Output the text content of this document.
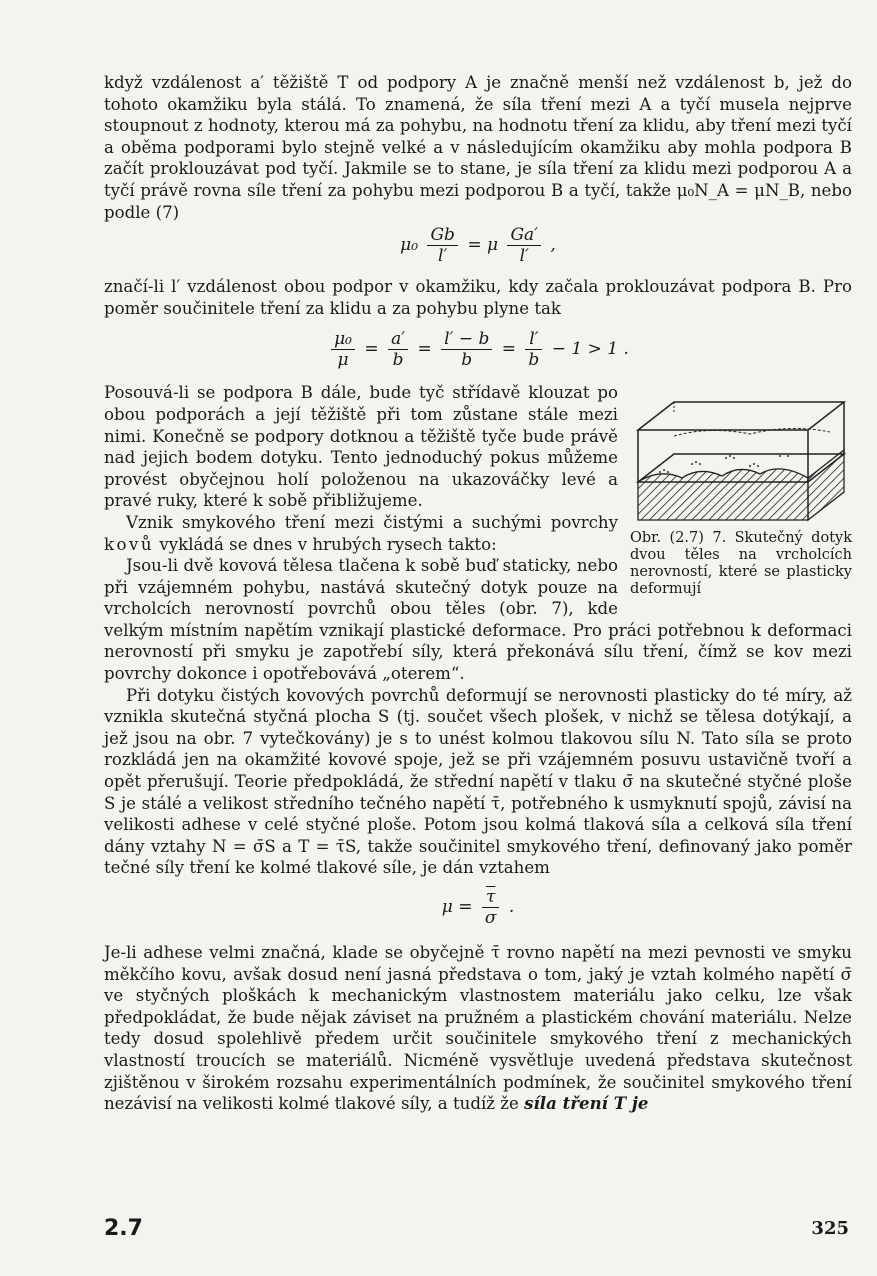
když vzdálenost a′ těžiště T od podpory A je značně menší než vzdálenost b, jež do tohoto okamžiku byla stálá. To znamená, že síla tření mezi A a tyčí musela nejprve stoupnout z hodnoty, kterou má za pohybu, na hodnotu tření za klidu, aby tření mezi tyčí a oběma podporami bylo stejně velké a v následujícím okamžiku aby mohla podpora B začít proklouzávat pod tyčí. Jakmile se to stane, je síla tření za klidu mezi podporou A a tyčí právě rovna síle tření za pohybu mezi podporou B a tyčí, takže μ₀N_A = μN_B, nebo podle (7)

$\mu_0 \frac{Gb}{l'} = \mu \frac{Ga'}{l'}$ ,

značí-li l′ vzdálenost obou podpor v okamžiku, kdy začala proklouzávat podpora B. Pro poměr součinitele tření za klidu a za pohybu plyne tak

$\frac{\text{μ₀}}{\mu} = \frac{a'}{b} = \frac{l' - b}{b} = \frac{l'}{b} - 1 > 1$ .
Obr. (2.7) 7. Skutečný dotyk dvou těles na vrcholcích nerovností, které se plasticky deformují

Posouvá-li se podpora B dále, bude tyč střídavě klouzat po obou podporách a její těžiště při tom zůstane stále mezi nimi. Konečně se podpory dotknou a těžiště tyče bude právě nad jejich bodem dotyku. Tento jednoduchý pokus můžeme provést obyčejnou holí položenou na ukazováčky levé a pravé ruky, které k sobě přibližujeme.

Vznik smykového tření mezi čistými a suchými povrchy kovů vykládá se dnes v hrubých rysech takto:

Jsou-li dvě kovová tělesa tlačena k sobě buď staticky, nebo při vzájemném pohybu, nastává skutečný dotyk pouze na vrcholcích nerovností povrchů obou těles (obr. 7), kde velkým místním napětím vznikají plastické deformace. Pro práci potřebnou k deformaci nerovností při smyku je zapotřebí síly, která překonává sílu tření, čímž se kov mezi povrchy dokonce i opotřebovává „oterem“.

Při dotyku čistých kovových povrchů deformují se nerovnosti plasticky do té míry, až vznikla skutečná styčná plocha S (tj. součet všech plošek, v nichž se tělesa dotýkají, a jež jsou na obr. 7 vytečkovány) je s to unést kolmou tlakovou sílu N. Tato síla se proto rozkládá jen na okamžité kovové spoje, jež se při vzájemném posuvu ustavičně tvoří a opět přerušují. Teorie předpokládá, že střední napětí v tlaku σ̄ na skutečné styčné ploše S je stálé a velikost středního tečného napětí τ̄, potřebného k usmyknutí spojů, závisí na velikosti adhese v celé styčné ploše. Potom jsou kolmá tlaková síla a celková síla tření dány vztahy N = σ̄S a T = τ̄S, takže součinitel smykového tření, definovaný jako poměr tečné síly tření ke kolmé tlakové síle, je dán vztahem

$\mu = \frac{\overline{\tau}}{\sigma}$ .

Je-li adhese velmi značná, klade se obyčejně τ̄ rovno napětí na mezi pevnosti ve smyku měkčího kovu, avšak dosud není jasná představa o tom, jaký je vztah kolmého napětí σ̄ ve styčných ploškách k mechanickým vlastnostem materiálu jako celku, lze však předpokládat, že bude nějak záviset na pružném a plastickém chování materiálu. Nelze tedy dosud spolehlivě předem určit součinitele smykového tření z mechanických vlastností troucích se materiálů. Nicméně vysvětluje uvedená představa skutečnost zjištěnou v širokém rozsahu experimentálních podmínek, že součinitel smykového tření nezávisí na velikosti kolmé tlakové síly, a tudíž že síla tření T je

2.7	325
